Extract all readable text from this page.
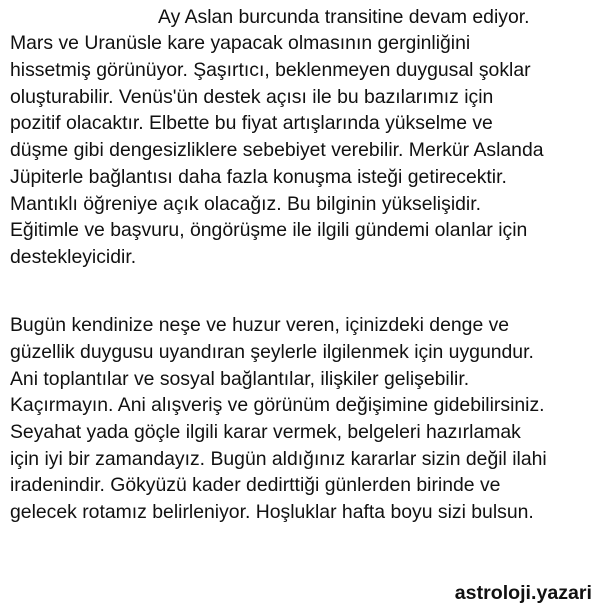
Ay Aslan burcunda transitine devam ediyor.
Mars ve Uranüsle kare yapacak olmasının gerginliğini
hissetmiş görünüyor. Şaşırtıcı, beklenmeyen duygusal şoklar
oluşturabilir. Venüs'ün destek açısı ile bu bazılarımız için
pozitif olacaktır. Elbette bu fiyat artışlarında yükselme ve
düşme gibi dengesizliklere sebebiyet verebilir. Merkür Aslanda
Jüpiterle bağlantısı daha fazla konuşma isteği getirecektir.
Mantıklı öğreniye açık olacağız. Bu bilginin yükselişidir.
Eğitimle ve başvuru, öngörüşme ile ilgili gündemi olanlar için
destekleyicidir.
Bugün kendinize neşe ve huzur veren, içinizdeki denge ve
güzellik duygusu uyandıran şeylerle ilgilenmek için uygundur.
Ani toplantılar ve sosyal bağlantılar, ilişkiler gelişebilir.
Kaçırmayın. Ani alışveriş ve görünüm değişimine gidebilirsiniz.
Seyahat yada göçle ilgili karar vermek, belgeleri hazırlamak
için iyi bir zamandayız. Bugün aldığınız kararlar sizin değil ilahi
iradenindir. Gökyüzü kader dedirttiği günlerden birinde ve
gelecek rotamız belirleniyor. Hoşluklar hafta boyu sizi bulsun.
astroloji.yazari
